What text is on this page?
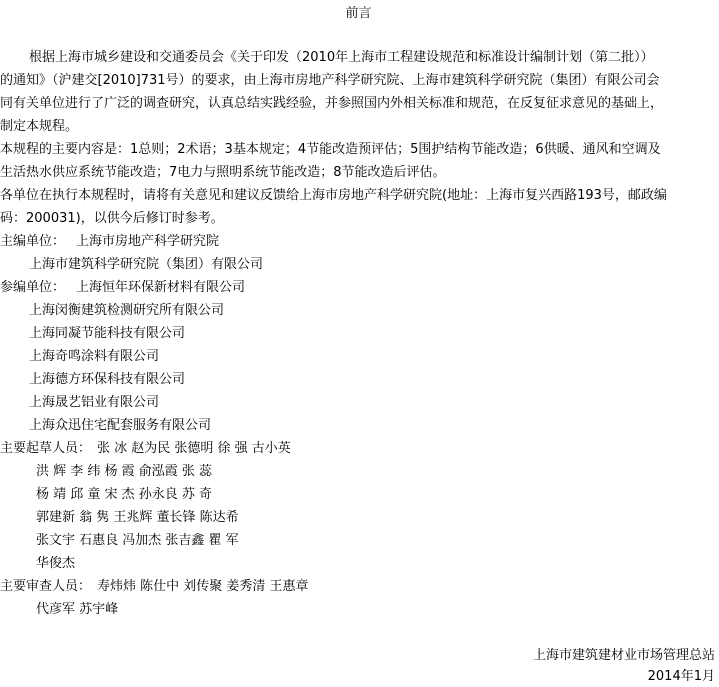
前言
根据上海市城乡建设和交通委员会《关于印发（2010年上海市工程建设规范和标准设计编制计划（第二批））
的通知》（沪建交[2010]731号）的要求，由上海市房地产科学研究院、上海市建筑科学研究院（集团）有限公司会
同有关单位进行了广泛的调查研究，认真总结实践经验，并参照国内外相关标准和规范，在反复征求意见的基础上，
制定本规程。
本规程的主要内容是：1总则；2术语；3基本规定；4节能改造预评估；5围护结构节能改造；6供暖、通风和空调及
生活热水供应系统节能改造；7电力与照明系统节能改造；8节能改造后评估。
各单位在执行本规程时，请将有关意见和建议反馈给上海市房地产科学研究院(地址：上海市复兴西路193号，邮政编
码：200031)，以供今后修订时参考。
主编单位： 上海市房地产科学研究院
上海市建筑科学研究院（集团）有限公司
参编单位： 上海恒年环保新材料有限公司
上海闵衡建筑检测研究所有限公司
上海同凝节能科技有限公司
上海奇鸣涂料有限公司
上海德方环保科技有限公司
上海晟艺铝业有限公司
上海众迅住宅配套服务有限公司
主要起草人员： 张 冰 赵为民 张德明 徐 强 古小英
洪 辉 李 纬 杨 霞 俞泓霞 张 蕊
杨 靖 邱 童 宋 杰 孙永良 苏 奇
郭建新 翁 隽 王兆辉 董长锋 陈达希
张文宇 石惠良 冯加杰 张吉鑫 瞿 军
华俊杰
主要审查人员： 寿炜炜 陈仕中 刘传聚 姜秀清 王惠章
代彦军 苏宇峰
上海市建筑建材业市场管理总站
2014年1月
